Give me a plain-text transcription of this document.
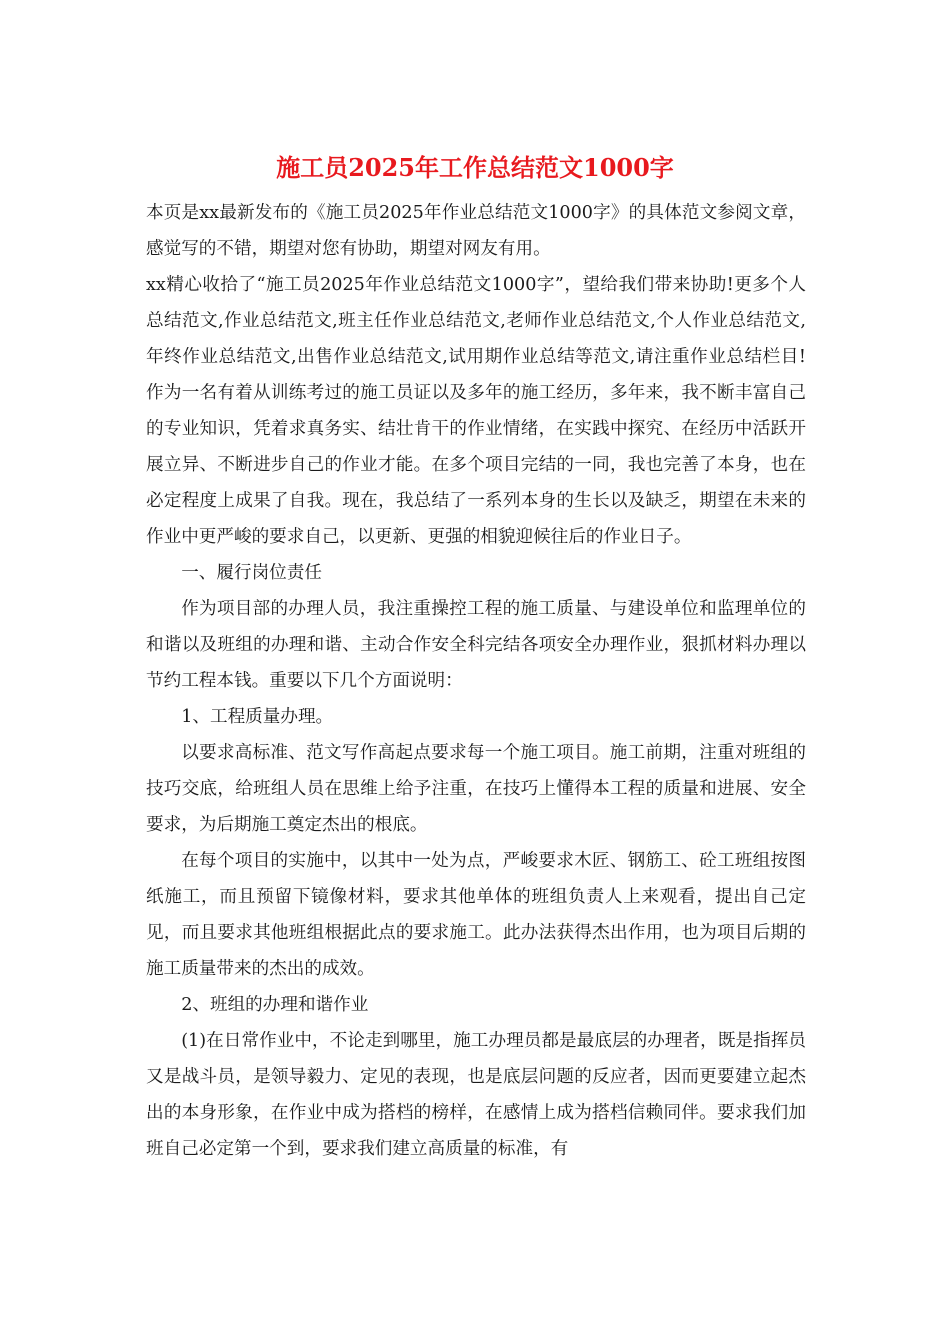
施工员2025年工作总结范文1000字

本页是xx最新发布的《施工员2025年作业总结范文1000字》的具体范文参阅文章，感觉写的不错，期望对您有协助，期望对网友有用。

xx精心收拾了“施工员2025年作业总结范文1000字”，望给我们带来协助!更多个人总结范文,作业总结范文,班主任作业总结范文,老师作业总结范文,个人作业总结范文,年终作业总结范文,出售作业总结范文,试用期作业总结等范文,请注重作业总结栏目!　　　作为一名有着从训练考过的施工员证以及多年的施工经历，多年来，我不断丰富自己的专业知识，凭着求真务实、结壮肯干的作业情绪，在实践中探究、在经历中活跃开展立异、不断进步自己的作业才能。在多个项目完结的一同，我也完善了本身，也在必定程度上成果了自我。现在，我总结了一系列本身的生长以及缺乏，期望在未来的作业中更严峻的要求自己，以更新、更强的相貌迎候往后的作业日子。

一、履行岗位责任

作为项目部的办理人员，我注重操控工程的施工质量、与建设单位和监理单位的和谐以及班组的办理和谐、主动合作安全科完结各项安全办理作业，狠抓材料办理以节约工程本钱。重要以下几个方面说明：

1、工程质量办理。

以要求高标准、范文写作高起点要求每一个施工项目。施工前期，注重对班组的技巧交底，给班组人员在思维上给予注重，在技巧上懂得本工程的质量和进展、安全要求，为后期施工奠定杰出的根底。

在每个项目的实施中，以其中一处为点，严峻要求木匠、钢筋工、砼工班组按图纸施工，而且预留下镜像材料，要求其他单体的班组负责人上来观看，提出自己定见，而且要求其他班组根据此点的要求施工。此办法获得杰出作用，也为项目后期的施工质量带来的杰出的成效。

2、班组的办理和谐作业

(1)在日常作业中，不论走到哪里，施工办理员都是最底层的办理者，既是指挥员又是战斗员，是领导毅力、定见的表现，也是底层问题的反应者，因而更要建立起杰出的本身形象，在作业中成为搭档的榜样，在感情上成为搭档信赖同伴。要求我们加班自己必定第一个到，要求我们建立高质量的标准，有
